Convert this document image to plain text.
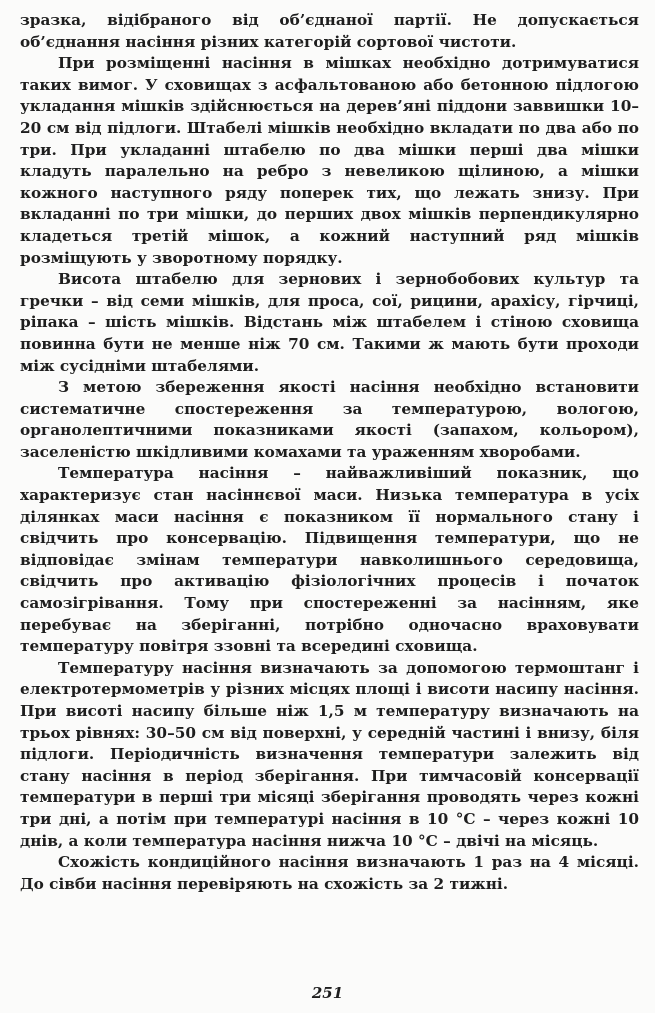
зразка, відібраного від об’єднаної партії. Не допускається об’єднання насіння різних категорій сортової чистоти.

При розміщенні насіння в мішках необхідно дотримуватися таких вимог. У сховищах з асфальтованою або бетонною підлогою укладання мішків здійснюється на дерев’яні піддони заввишки 10–20 см від підлоги. Штабелі мішків необхідно вкладати по два або по три. При укладанні штабелю по два мішки перші два мішки кладуть паралельно на ребро з невеликою щілиною, а мішки кожного наступного ряду поперек тих, що лежать знизу. При вкладанні по три мішки, до перших двох мішків перпендикулярно кладеться третій мішок, а кожний наступний ряд мішків розміщують у зворотному порядку.

Висота штабелю для зернових і зернобобових культур та гречки – від семи мішків, для проса, сої, рицини, арахісу, гірчиці, ріпака – шість мішків. Відстань між штабелем і стіною сховища повинна бути не менше ніж 70 см. Такими ж мають бути проходи між сусідніми штабелями.

З метою збереження якості насіння необхідно встановити систематичне спостереження за температурою, вологою, органолептичними показниками якості (запахом, кольором), заселеністю шкідливими комахами та ураженням хворобами.

Температура насіння – найважливіший показник, що характеризує стан насіннєвої маси. Низька температура в усіх ділянках маси насіння є показником її нормального стану і свідчить про консервацію. Підвищення температури, що не відповідає змінам температури навколишнього середовища, свідчить про активацію фізіологічних процесів і початок самозігрівання. Тому при спостереженні за насінням, яке перебуває на зберіганні, потрібно одночасно враховувати температуру повітря ззовні та всередині сховища.

Температуру насіння визначають за допомогою термоштанг і електротермометрів у різних місцях площі і висоти насипу насіння. При висоті насипу більше ніж 1,5 м температуру визначають на трьох рівнях: 30–50 см від поверхні, у середній частині і внизу, біля підлоги. Періодичність визначення температури залежить від стану насіння в період зберігання. При тимчасовій консервації температури в перші три місяці зберігання проводять через кожні три дні, а потім при температурі насіння в 10 °С – через кожні 10 днів, а коли температура насіння нижча 10 °С – двічі на місяць.

Схожість кондиційного насіння визначають 1 раз на 4 місяці. До сівби насіння перевіряють на схожість за 2 тижні.

251
